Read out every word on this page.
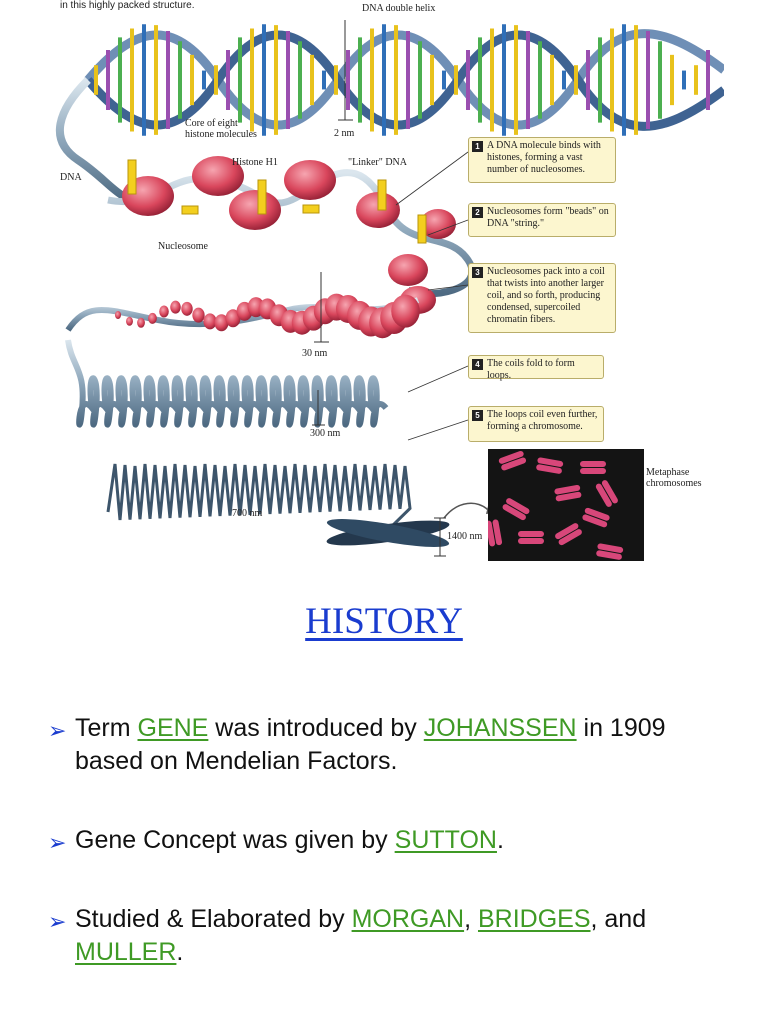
in this highly packed structure.	DNA double helix
2 nm
Core of eight
histone molecules
Histone H1	"Linker" DNA
DNA
Nucleosome
30 nm
300 nm
700 nm
1400 nm
Metaphase
chromosomes
1 A DNA molecule binds with histones, forming a vast number of nucleosomes.
2 Nucleosomes form "beads" on DNA "string."
3 Nucleosomes pack into a coil that twists into another larger coil, and so forth, producing condensed, supercoiled chromatin fibers.
4 The coils fold to form loops.
5 The loops coil even further, forming a chromosome.
HISTORY
➢ Term GENE was introduced by JOHANSSEN in 1909 based on Mendelian Factors.
➢ Gene Concept was given by SUTTON.
➢ Studied & Elaborated by MORGAN, BRIDGES, and MULLER.
